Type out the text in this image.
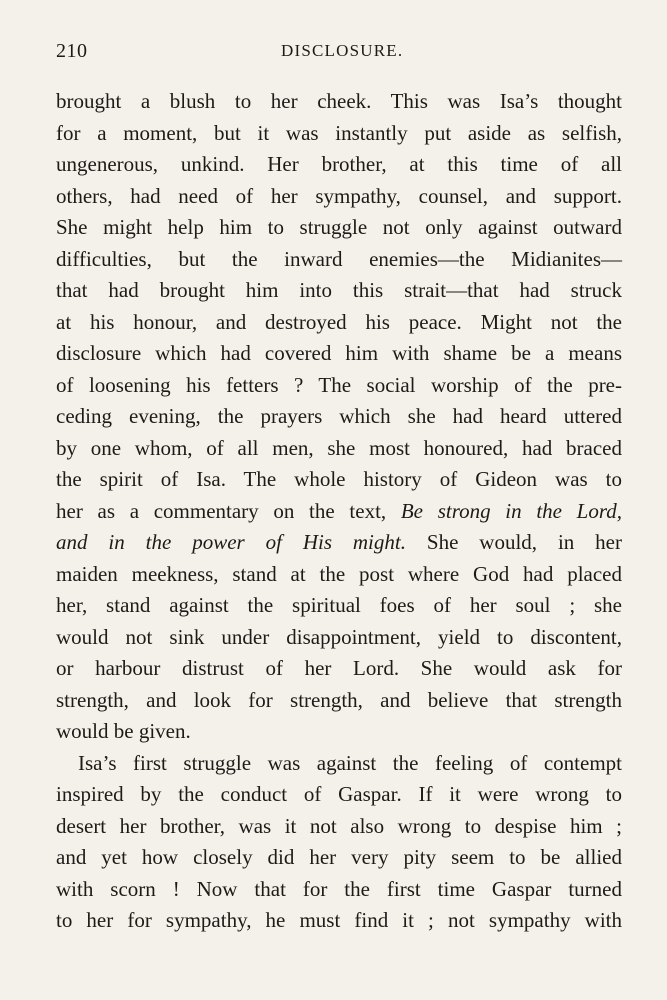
210	DISCLOSURE.
brought a blush to her cheek. This was Isa’s thought
for a moment, but it was instantly put aside as selfish,
ungenerous, unkind. Her brother, at this time of all
others, had need of her sympathy, counsel, and support.
She might help him to struggle not only against outward
difficulties, but the inward enemies—the Midianites—
that had brought him into this strait—that had struck
at his honour, and destroyed his peace. Might not the
disclosure which had covered him with shame be a means
of loosening his fetters ? The social worship of the pre-
ceding evening, the prayers which she had heard uttered
by one whom, of all men, she most honoured, had braced
the spirit of Isa. The whole history of Gideon was to
her as a commentary on the text, Be strong in the Lord,
and in the power of His might. She would, in her
maiden meekness, stand at the post where God had placed
her, stand against the spiritual foes of her soul ; she
would not sink under disappointment, yield to discontent,
or harbour distrust of her Lord. She would ask for
strength, and look for strength, and believe that strength
would be given.
Isa’s first struggle was against the feeling of contempt
inspired by the conduct of Gaspar. If it were wrong to
desert her brother, was it not also wrong to despise him ;
and yet how closely did her very pity seem to be allied
with scorn ! Now that for the first time Gaspar turned
to her for sympathy, he must find it ; not sympathy with
